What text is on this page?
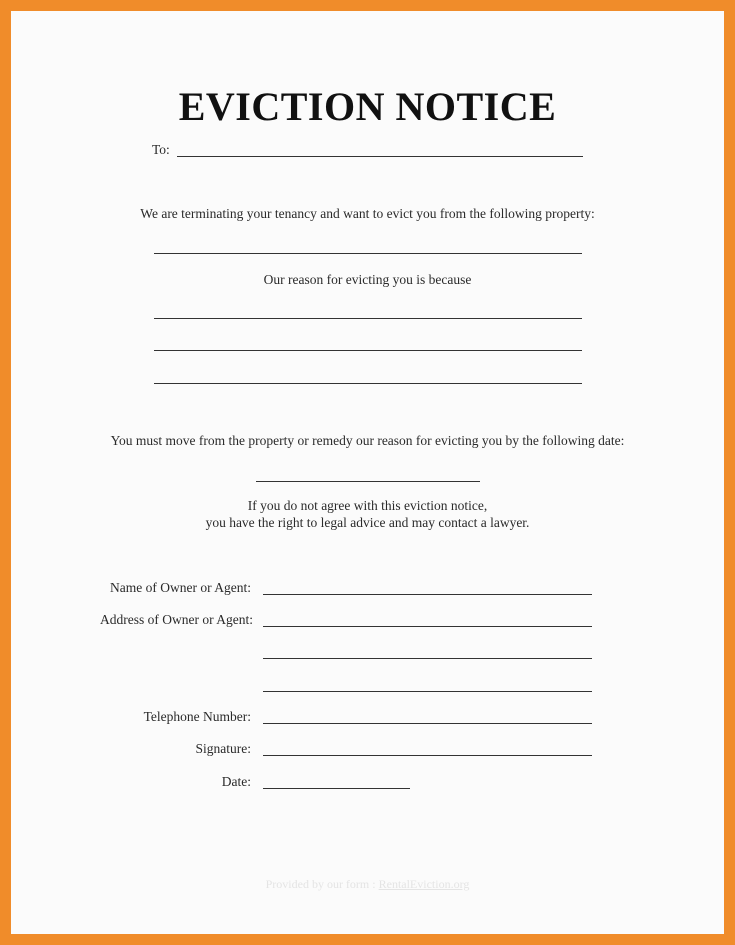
EVICTION NOTICE
To:
We are terminating your tenancy and want to evict you from the following property:
Our reason for evicting you is because
You must move from the property or remedy our reason for evicting you by the following date:
If you do not agree with this eviction notice,
you have the right to legal advice and may contact a lawyer.
Name of Owner or Agent:
Address of Owner or Agent:
Telephone Number:
Signature:
Date:
Provided by our form : RentalEviction.org
